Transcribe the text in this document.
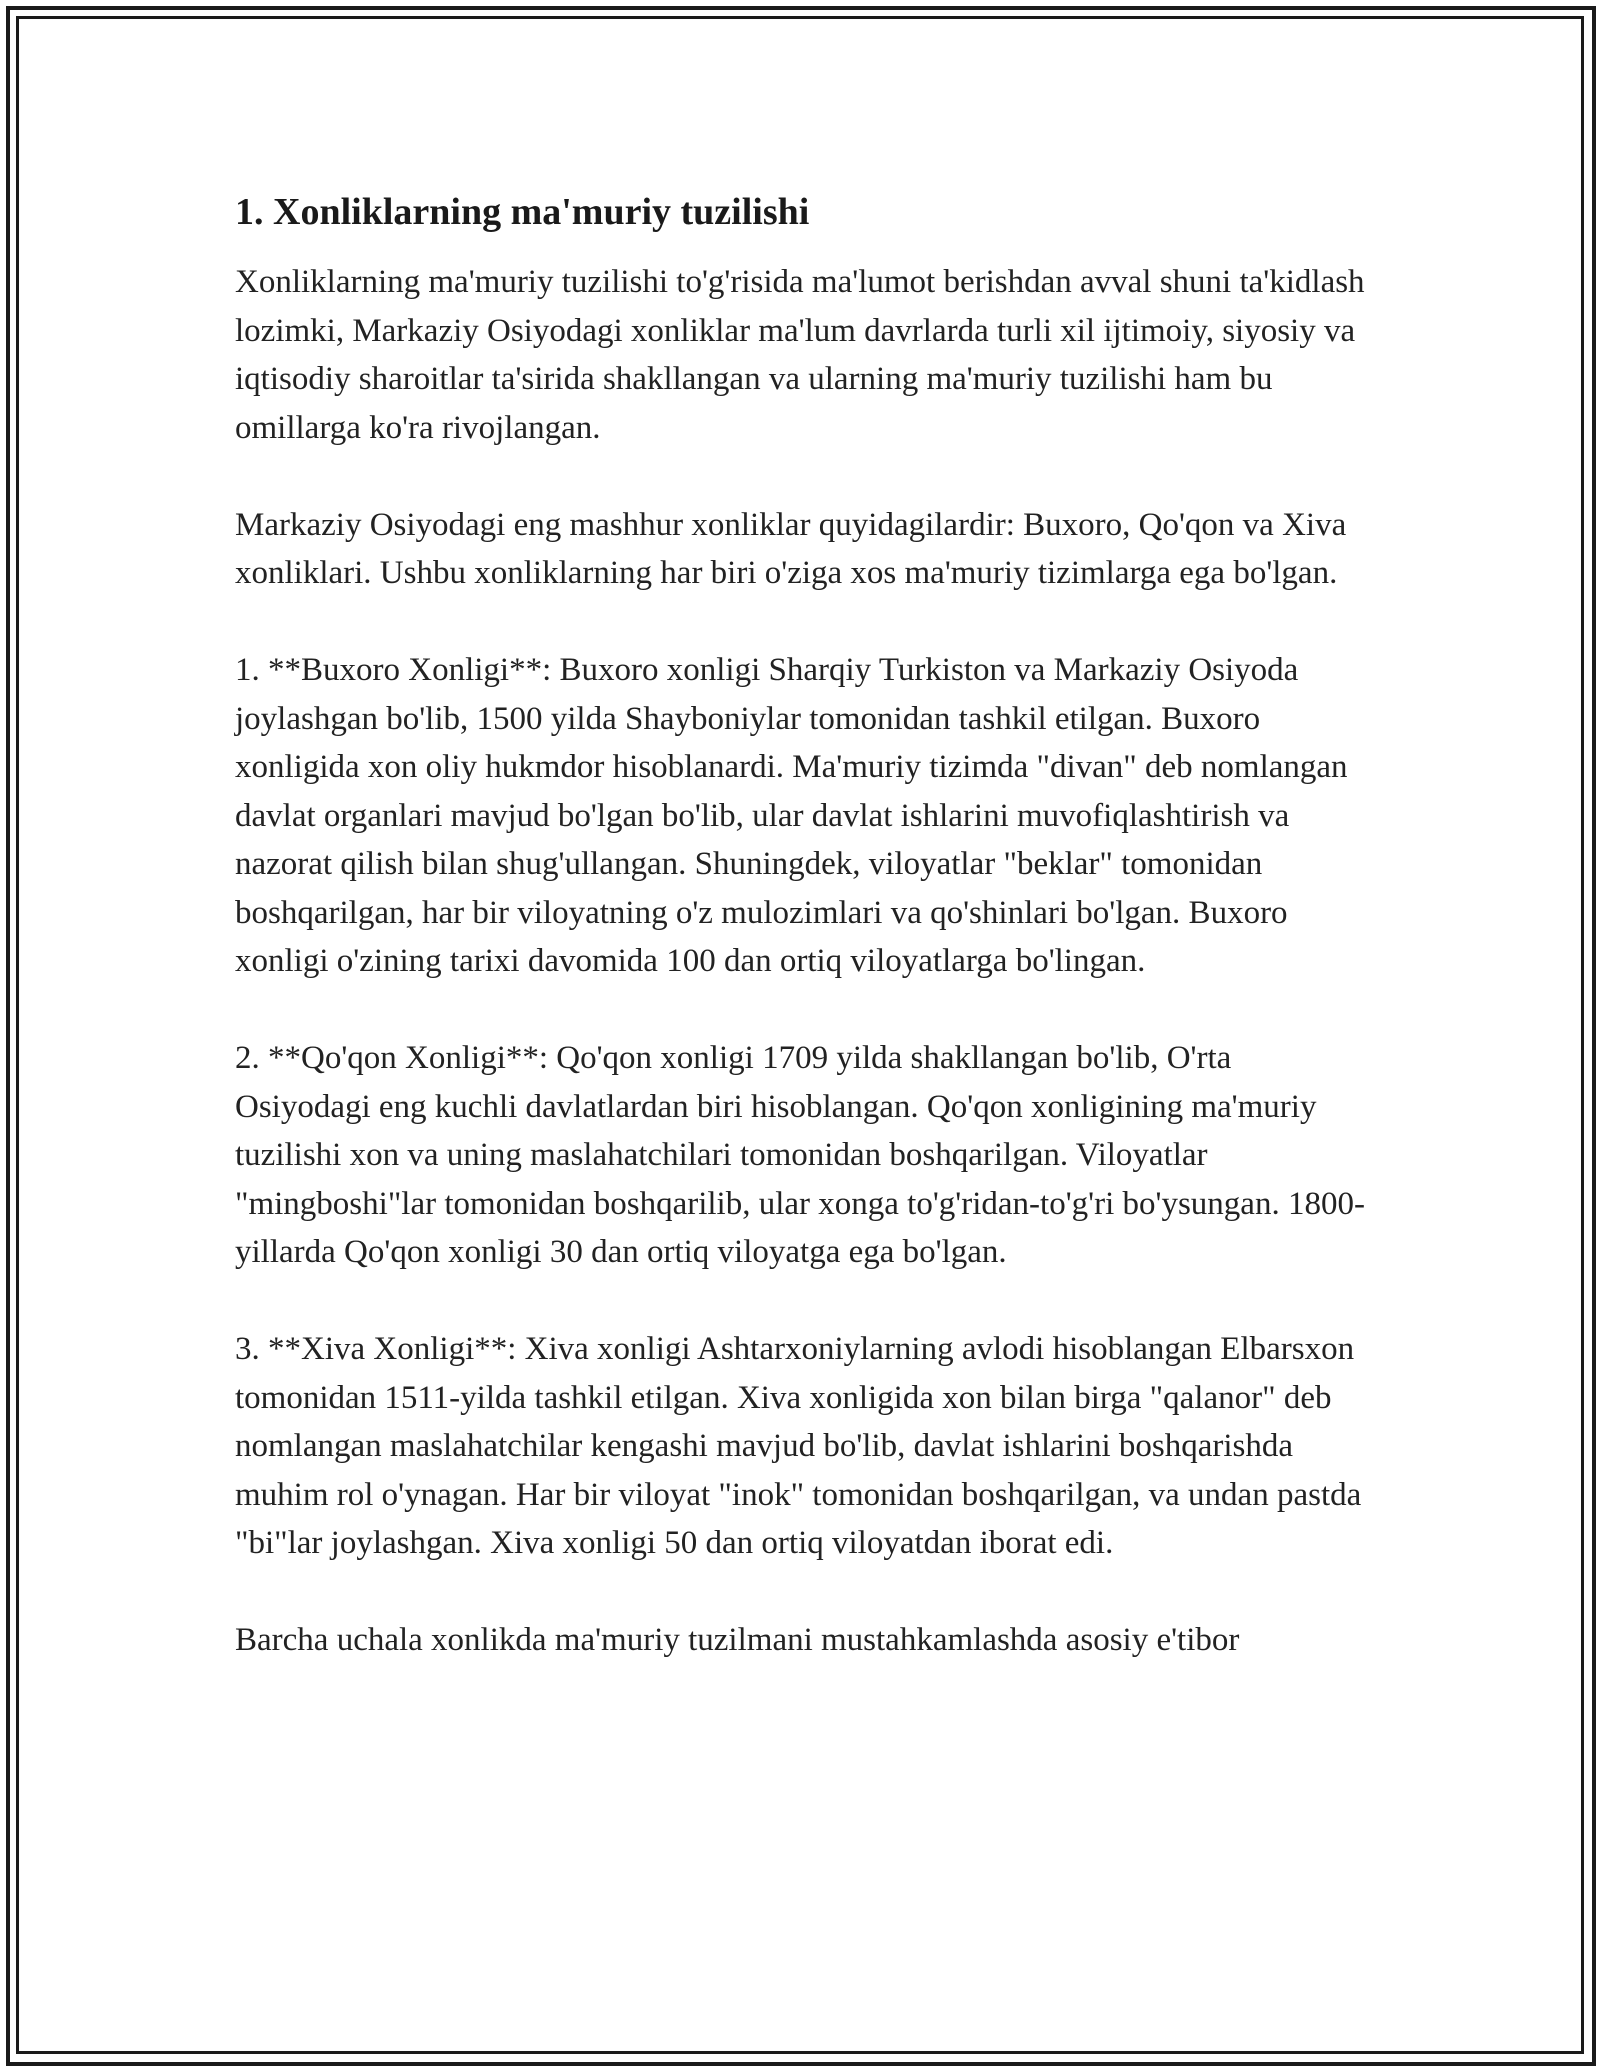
1. Xonliklarning ma'muriy tuzilishi

Xonliklarning ma'muriy tuzilishi to'g'risida ma'lumot berishdan avval shuni ta'kidlash lozimki, Markaziy Osiyodagi xonliklar ma'lum davrlarda turli xil ijtimoiy, siyosiy va iqtisodiy sharoitlar ta'sirida shakllangan va ularning ma'muriy tuzilishi ham bu omillarga ko'ra rivojlangan.

Markaziy Osiyodagi eng mashhur xonliklar quyidagilardir: Buxoro, Qo'qon va Xiva xonliklari. Ushbu xonliklarning har biri o'ziga xos ma'muriy tizimlarga ega bo'lgan.

1. **Buxoro Xonligi**: Buxoro xonligi Sharqiy Turkiston va Markaziy Osiyoda joylashgan bo'lib, 1500 yilda Shayboniylar tomonidan tashkil etilgan. Buxoro xonligida xon oliy hukmdor hisoblanardi. Ma'muriy tizimda "divan" deb nomlangan davlat organlari mavjud bo'lgan bo'lib, ular davlat ishlarini muvofiqlashtirish va nazorat qilish bilan shug'ullangan. Shuningdek, viloyatlar "beklar" tomonidan boshqarilgan, har bir viloyatning o'z mulozimlari va qo'shinlari bo'lgan. Buxoro xonligi o'zining tarixi davomida 100 dan ortiq viloyatlarga bo'lingan.

2. **Qo'qon Xonligi**: Qo'qon xonligi 1709 yilda shakllangan bo'lib, O'rta Osiyodagi eng kuchli davlatlardan biri hisoblangan. Qo'qon xonligining ma'muriy tuzilishi xon va uning maslahatchilari tomonidan boshqarilgan. Viloyatlar "mingboshi"lar tomonidan boshqarilib, ular xonga to'g'ridan-to'g'ri bo'ysungan. 1800-yillarda Qo'qon xonligi 30 dan ortiq viloyatga ega bo'lgan.

3. **Xiva Xonligi**: Xiva xonligi Ashtarxoniylarning avlodi hisoblangan Elbarsxon tomonidan 1511-yilda tashkil etilgan. Xiva xonligida xon bilan birga "qalanor" deb nomlangan maslahatchilar kengashi mavjud bo'lib, davlat ishlarini boshqarishda muhim rol o'ynagan. Har bir viloyat "inok" tomonidan boshqarilgan, va undan pastda "bi"lar joylashgan. Xiva xonligi 50 dan ortiq viloyatdan iborat edi.

Barcha uchala xonlikda ma'muriy tuzilmani mustahkamlashda asosiy e'tibor
